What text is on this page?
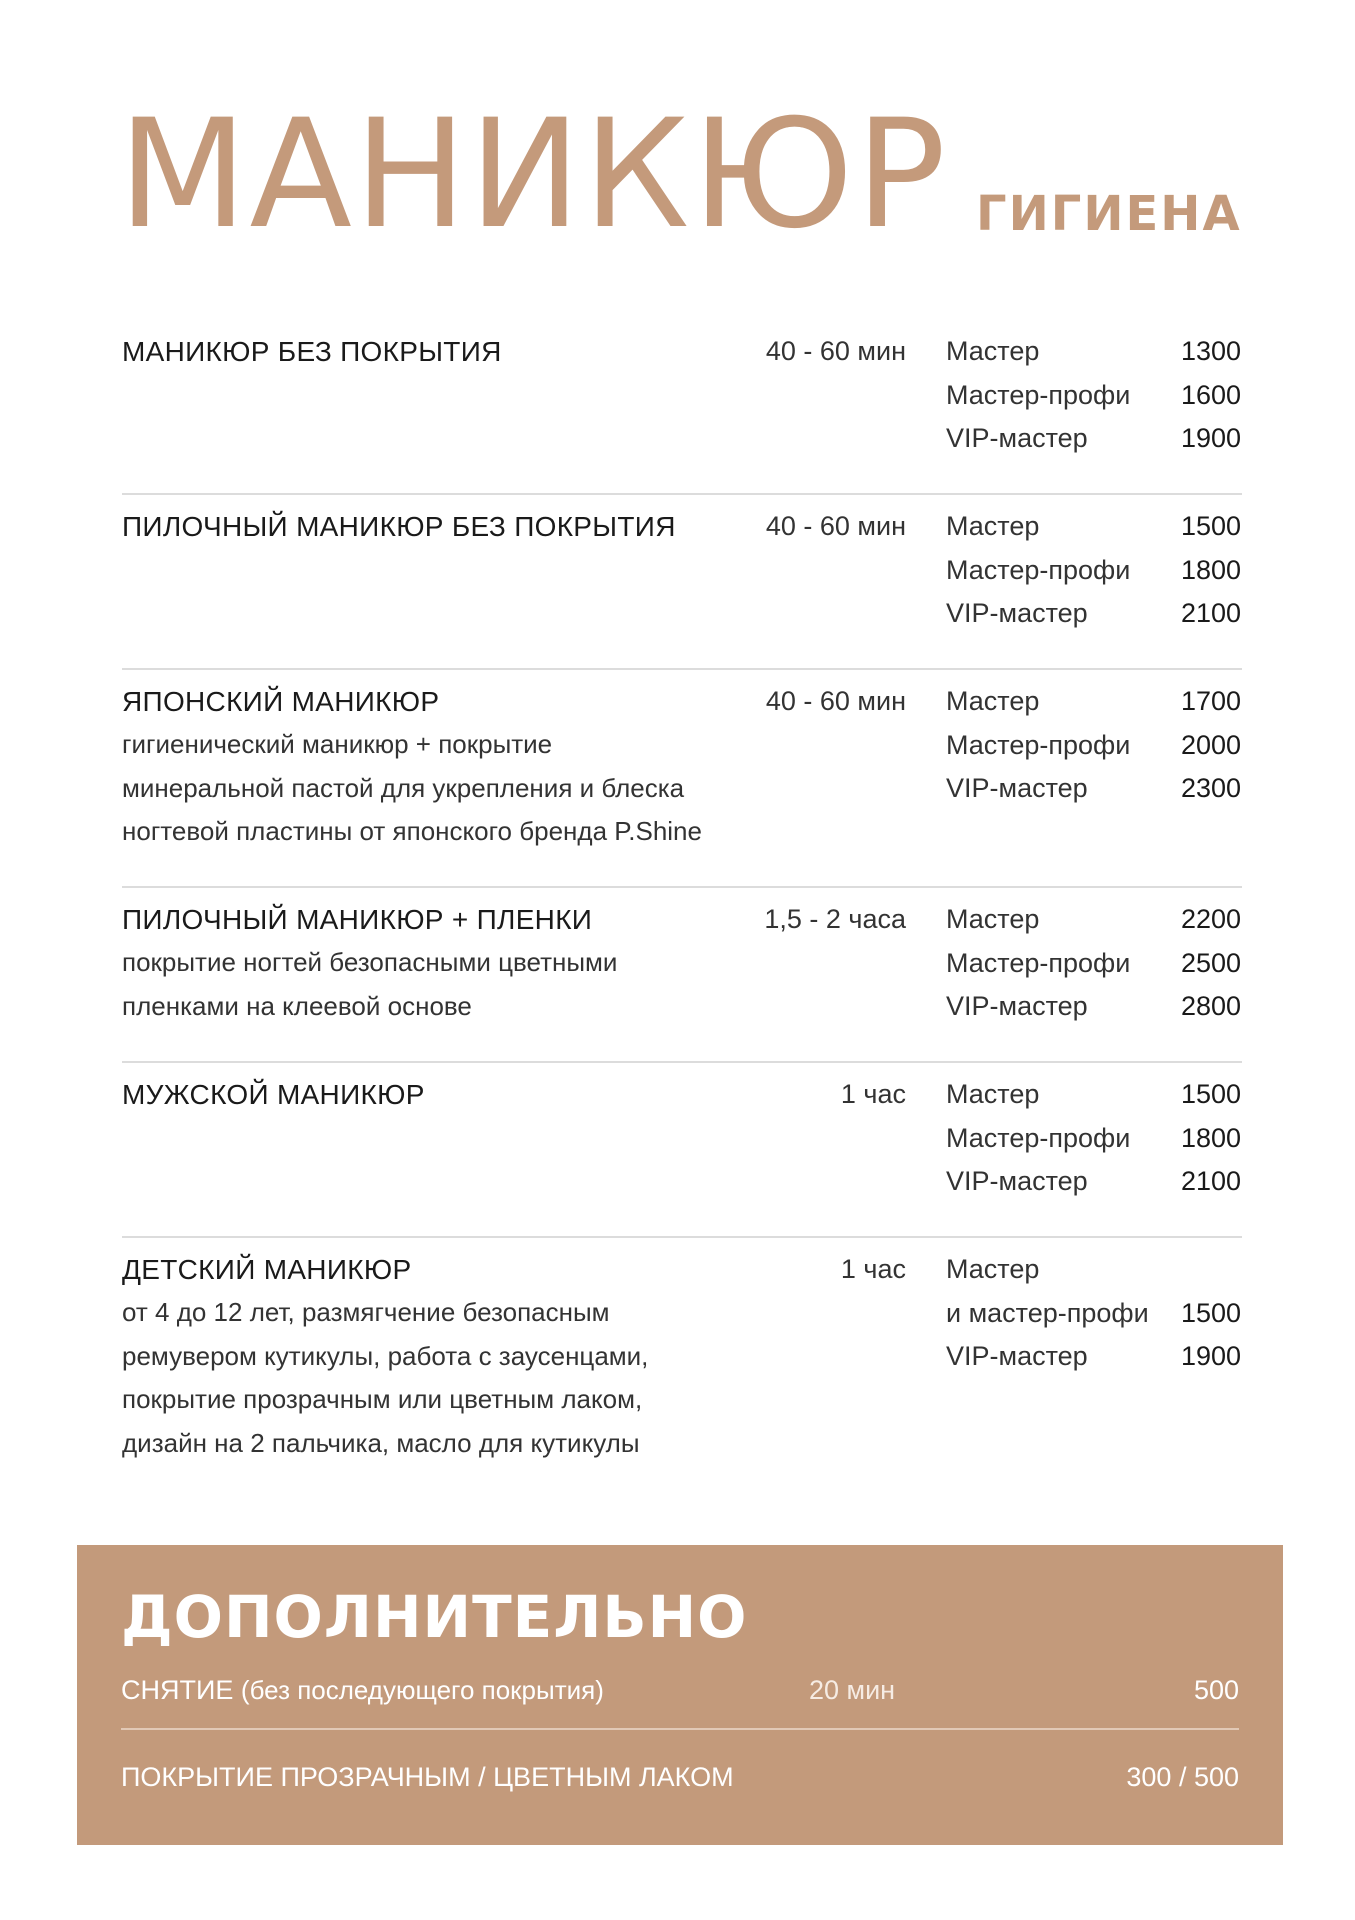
МАНИКЮР ГИГИЕНА
МАНИКЮР БЕЗ ПОКРЫТИЯ	40 - 60 мин Мастер	1300
Мастер-профи 1600
VIP-мастер	1900
ПИЛОЧНЫЙ МАНИКЮР БЕЗ ПОКРЫТИЯ	40 - 60 мин Мастер	1500
Мастер-профи 1800
VIP-мастер	2100
ЯПОНСКИЙ МАНИКЮР
гигиенический маникюр + покрытие
минеральной пастой для укрепления и блеска
ногтевой пластины от японского бренда P.Shine
40 - 60 мин Мастер	1700
Мастер-профи 2000
VIP-мастер	2300
ПИЛОЧНЫЙ МАНИКЮР + ПЛЕНКИ
покрытие ногтей безопасными цветными
пленками на клеевой основе
1,5 - 2 часа Мастер	2200
Мастер-профи 2500
VIP-мастер	2800
МУЖСКОЙ МАНИКЮР	1 час Мастер	1500
Мастер-профи 1800
VIP-мастер	2100
ДЕТСКИЙ МАНИКЮР
от 4 до 12 лет, размягчение безопасным
ремувером кутикулы, работа с заусенцами,
покрытие прозрачным или цветным лаком,
дизайн на 2 пальчика, масло для кутикулы
1 час Мастер
и мастер-профи 1500
VIP-мастер	1900
ДОПОЛНИТЕЛЬНО
СНЯТИЕ (без последующего покрытия)	20 мин	500
ПОКРЫТИЕ ПРОЗРАЧНЫМ / ЦВЕТНЫМ ЛАКОМ	300 / 500
